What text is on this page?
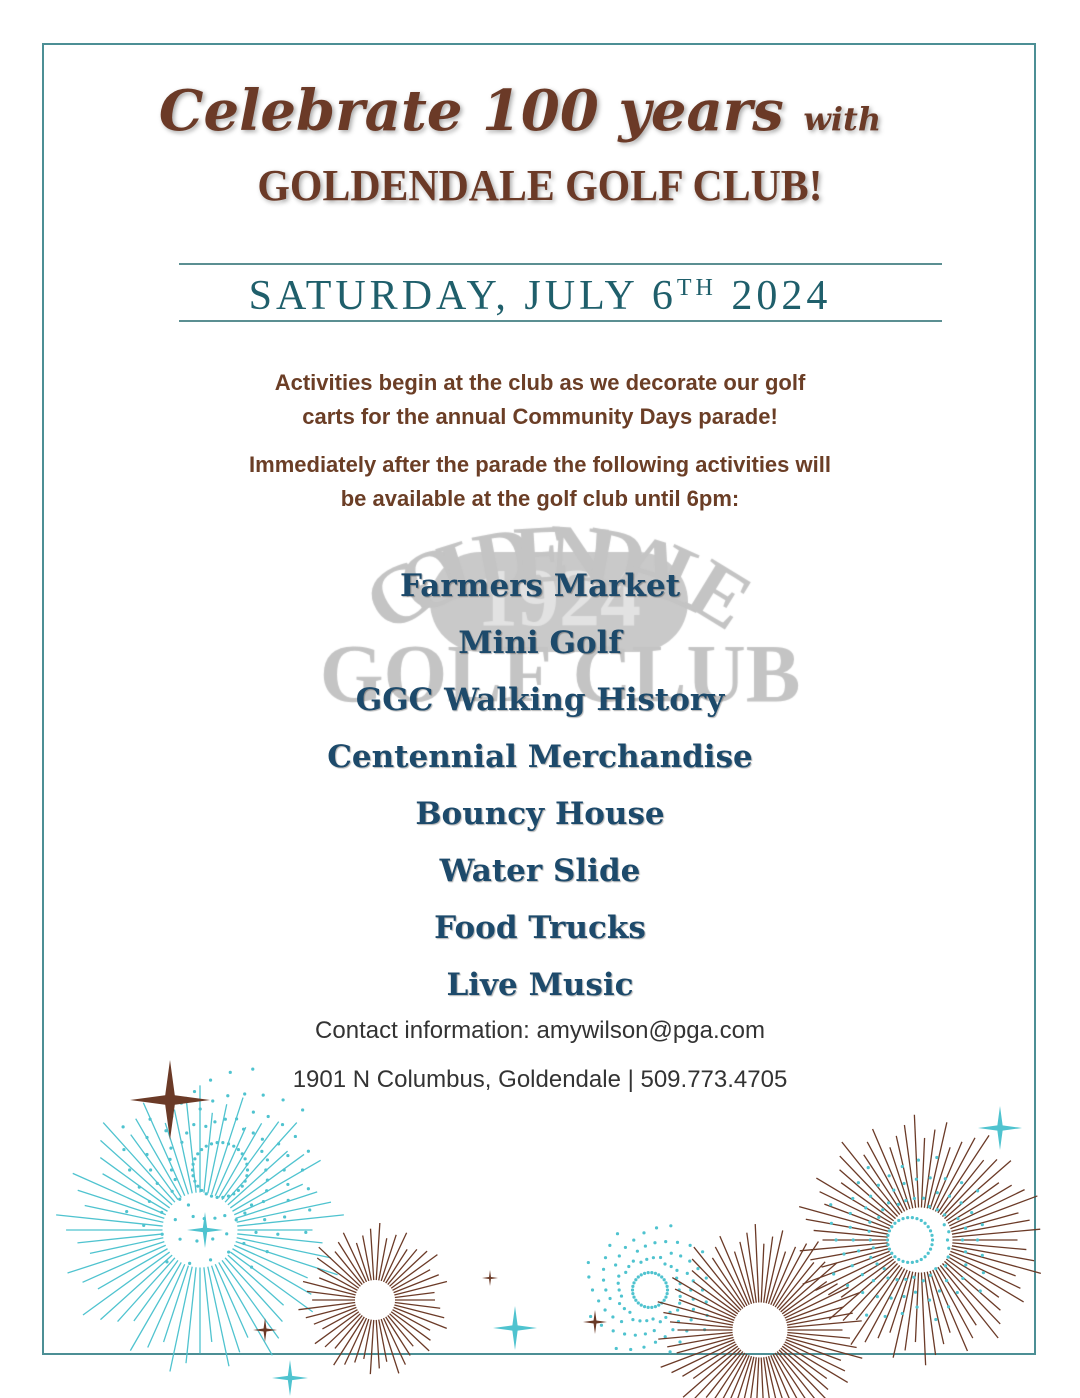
Celebrate 100 years with
GOLDENDALE GOLF CLUB!
SATURDAY, JULY 6TH 2024
Activities begin at the club as we decorate our golf
carts for the annual Community Days parade!
Immediately after the parade the following activities will
be available at the golf club until 6pm:
Farmers Market
Mini Golf
GGC Walking History
Centennial Merchandise
Bouncy House
Water Slide
Food Trucks
Live Music
Contact information: amywilson@pga.com
1901 N Columbus, Goldendale | 509.773.4705
